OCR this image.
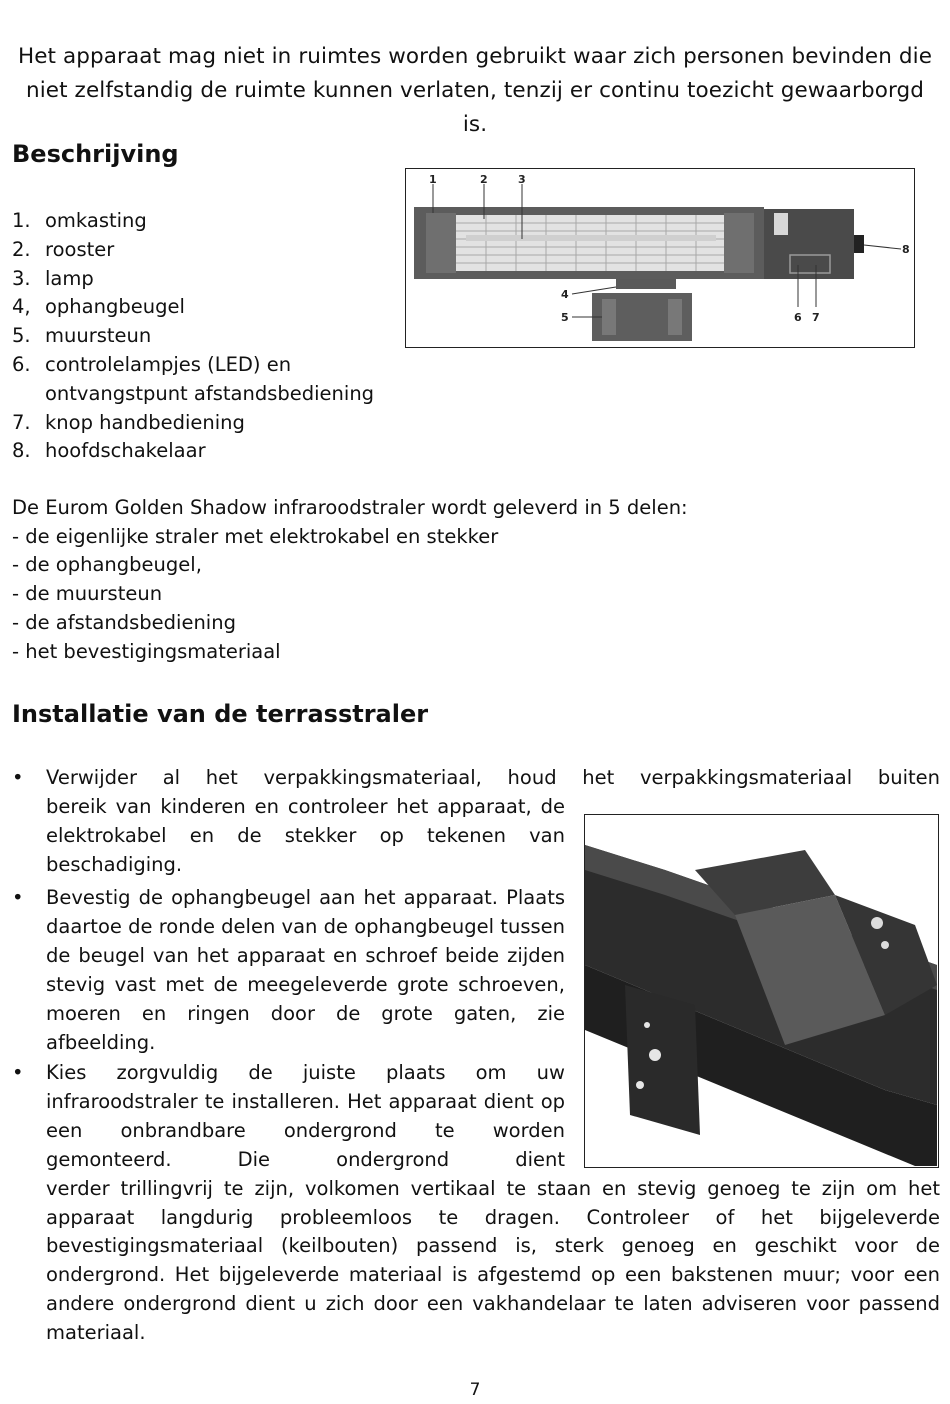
Het apparaat mag niet in ruimtes worden gebruikt waar zich personen bevinden die niet zelfstandig de ruimte kunnen verlaten, tenzij er continu toezicht gewaarborgd is.
Beschrijving
1. omkasting
2. rooster
3. lamp
4, ophangbeugel
5. muursteun
6. controlelampjes (LED) en ontvangstpunt afstandsbediening
7. knop handbediening
8. hoofdschakelaar
1	2	3
4
5	6 7
8
De Eurom Golden Shadow infraroodstraler wordt geleverd in 5 delen:
- de eigenlijke straler met elektrokabel en stekker
- de ophangbeugel,
- de muursteun
- de afstandsbediening
- het bevestigingsmateriaal
Installatie van de terrasstraler
•	Verwijder al het verpakkingsmateriaal, houd het verpakkingsmateriaal buiten
bereik van kinderen en controleer het apparaat, de elektrokabel en de stekker op tekenen van beschadiging.
•	Bevestig de ophangbeugel aan het apparaat. Plaats daartoe de ronde delen van de ophangbeugel tussen de beugel van het apparaat en schroef beide zijden stevig vast met de meegeleverde grote schroeven, moeren en ringen door de grote gaten, zie afbeelding.
•	Kies zorgvuldig de juiste plaats om uw infraroodstraler te installeren. Het apparaat dient op een onbrandbare ondergrond te worden gemonteerd. Die ondergrond dient
verder trillingvrij te zijn, volkomen vertikaal te staan en stevig genoeg te zijn om het apparaat langdurig probleemloos te dragen. Controleer of het bijgeleverde bevestigingsmateriaal (keilbouten) passend is, sterk genoeg en geschikt voor de ondergrond. Het bijgeleverde materiaal is afgestemd op een bakstenen muur; voor een andere ondergrond dient u zich door een vakhandelaar te laten adviseren voor passend materiaal.
7
